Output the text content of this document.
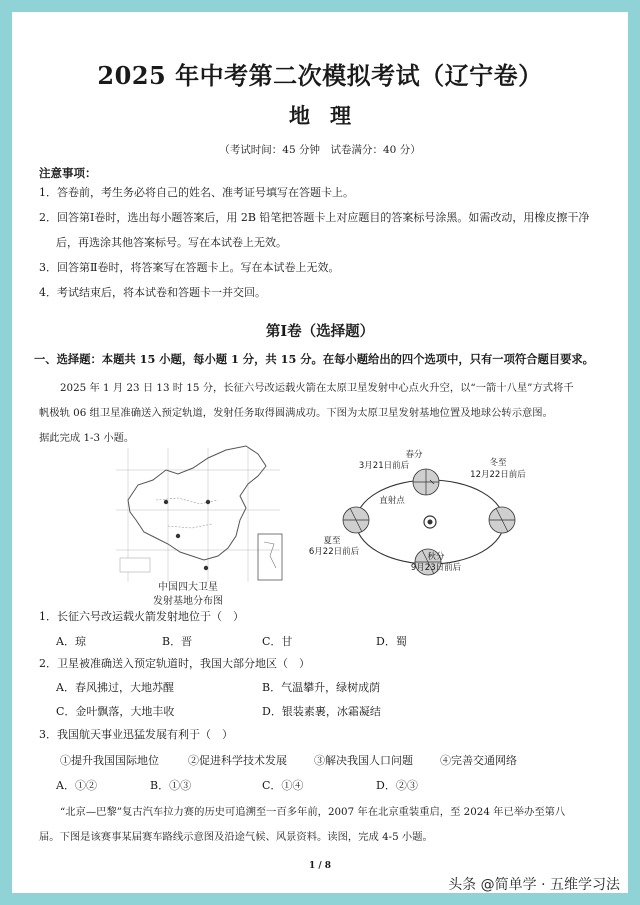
2025 年中考第二次模拟考试（辽宁卷）
地理
（考试时间：45 分钟　试卷满分：40 分）
注意事项：
1．答卷前，考生务必将自己的姓名、准考证号填写在答题卡上。
2．回答第Ⅰ卷时，选出每小题答案后，用 2B 铅笔把答题卡上对应题目的答案标号涂黑。如需改动，用橡皮擦干净
后，再选涂其他答案标号。写在本试卷上无效。
3．回答第Ⅱ卷时，将答案写在答题卡上。写在本试卷上无效。
4．考试结束后，将本试卷和答题卡一并交回。
第Ⅰ卷（选择题）
一、选择题：本题共 15 小题，每小题 1 分，共 15 分。在每小题给出的四个选项中，只有一项符合题目要求。
2025 年 1 月 23 日 13 时 15 分，长征六号改运载火箭在太原卫星发射中心点火升空，以“一箭十八星”方式将千
帆极轨 06 组卫星准确送入预定轨道，发射任务取得圆满成功。下图为太原卫星发射基地位置及地球公转示意图。
据此完成 1-3 小题。
中国四大卫星
发射基地分布图
春分
3月21日前后	冬至
12月22日前后
直射点
夏至
6月22日前后	秋分
9月23日前后
1．长征六号改运载火箭发射地位于（　）
A．琼	B．晋	C．甘	D．蜀
2．卫星被准确送入预定轨道时，我国大部分地区（　）
A．春风拂过，大地苏醒	B．气温攀升，绿树成荫
C．金叶飘落，大地丰收	D．银装素裹，冰霜凝结
3．我国航天事业迅猛发展有利于（　）
①提升我国国际地位	②促进科学技术发展 ③解决我国人口问题 ④完善交通网络
A．①②	B．①③	C．①④	D．②③
“北京—巴黎”复古汽车拉力赛的历史可追溯至一百多年前，2007 年在北京重装重启，至 2024 年已举办至第八
届。下图是该赛事某届赛车路线示意图及沿途气候、风景资料。读图，完成 4-5 小题。
1 / 8
头条 @简单学 · 五维学习法
